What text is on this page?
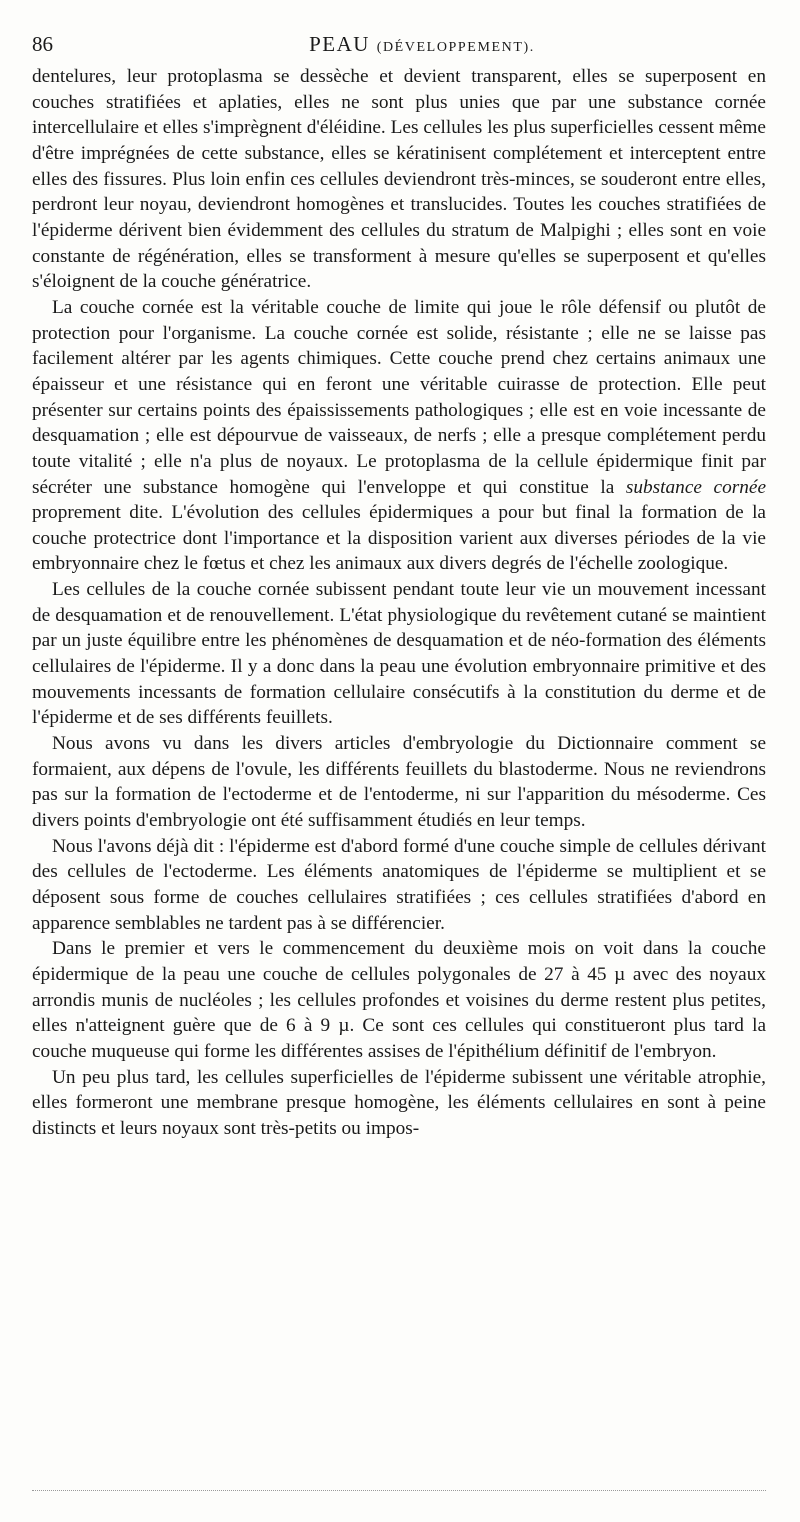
86	PEAU (DÉVELOPPEMENT).

dentelures, leur protoplasma se dessèche et devient transparent, elles se superposent en couches stratifiées et aplaties, elles ne sont plus unies que par une substance cornée intercellulaire et elles s'imprègnent d'éléidine. Les cellules les plus superficielles cessent même d'être imprégnées de cette substance, elles se kératinisent complétement et interceptent entre elles des fissures. Plus loin enfin ces cellules deviendront très-minces, se souderont entre elles, perdront leur noyau, deviendront homogènes et translucides. Toutes les couches stratifiées de l'épiderme dérivent bien évidemment des cellules du stratum de Malpighi ; elles sont en voie constante de régénération, elles se transforment à mesure qu'elles se superposent et qu'elles s'éloignent de la couche génératrice.

La couche cornée est la véritable couche de limite qui joue le rôle défensif ou plutôt de protection pour l'organisme. La couche cornée est solide, résistante ; elle ne se laisse pas facilement altérer par les agents chimiques. Cette couche prend chez certains animaux une épaisseur et une résistance qui en feront une véritable cuirasse de protection. Elle peut présenter sur certains points des épaississements pathologiques ; elle est en voie incessante de desquamation ; elle est dépourvue de vaisseaux, de nerfs ; elle a presque complétement perdu toute vitalité ; elle n'a plus de noyaux. Le protoplasma de la cellule épidermique finit par sécréter une substance homogène qui l'enveloppe et qui constitue la substance cornée proprement dite. L'évolution des cellules épidermiques a pour but final la formation de la couche protectrice dont l'importance et la disposition varient aux diverses périodes de la vie embryonnaire chez le fœtus et chez les animaux aux divers degrés de l'échelle zoologique.

Les cellules de la couche cornée subissent pendant toute leur vie un mouvement incessant de desquamation et de renouvellement. L'état physiologique du revêtement cutané se maintient par un juste équilibre entre les phénomènes de desquamation et de néo-formation des éléments cellulaires de l'épiderme. Il y a donc dans la peau une évolution embryonnaire primitive et des mouvements incessants de formation cellulaire consécutifs à la constitution du derme et de l'épiderme et de ses différents feuillets.

Nous avons vu dans les divers articles d'embryologie du Dictionnaire comment se formaient, aux dépens de l'ovule, les différents feuillets du blastoderme. Nous ne reviendrons pas sur la formation de l'ectoderme et de l'entoderme, ni sur l'apparition du mésoderme. Ces divers points d'embryologie ont été suffisamment étudiés en leur temps.

Nous l'avons déjà dit : l'épiderme est d'abord formé d'une couche simple de cellules dérivant des cellules de l'ectoderme. Les éléments anatomiques de l'épiderme se multiplient et se déposent sous forme de couches cellulaires stratifiées ; ces cellules stratifiées d'abord en apparence semblables ne tardent pas à se différencier.

Dans le premier et vers le commencement du deuxième mois on voit dans la couche épidermique de la peau une couche de cellules polygonales de 27 à 45 µ avec des noyaux arrondis munis de nucléoles ; les cellules profondes et voisines du derme restent plus petites, elles n'atteignent guère que de 6 à 9 µ. Ce sont ces cellules qui constitueront plus tard la couche muqueuse qui forme les différentes assises de l'épithélium définitif de l'embryon.

Un peu plus tard, les cellules superficielles de l'épiderme subissent une véritable atrophie, elles formeront une membrane presque homogène, les éléments cellulaires en sont à peine distincts et leurs noyaux sont très-petits ou impos-
